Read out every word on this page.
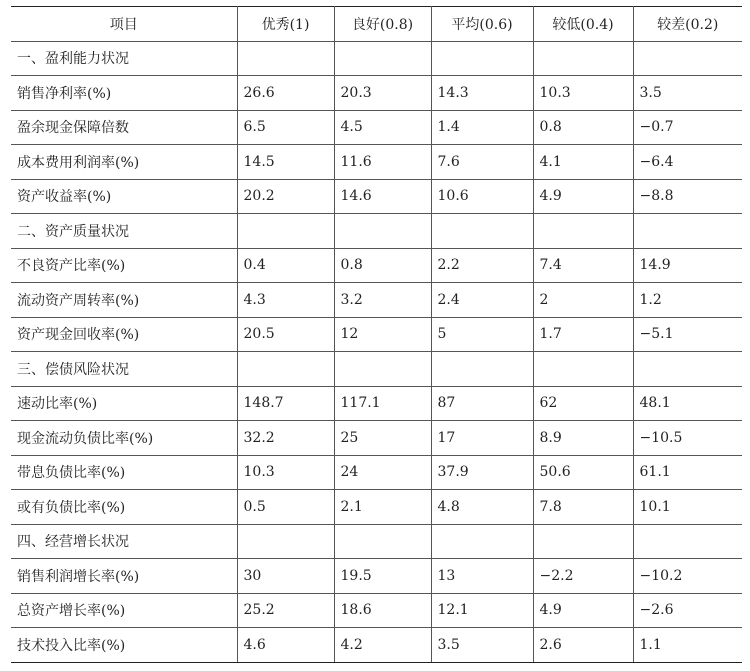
项目	优秀(1)	良好(0.8)	平均(0.6)	较低(0.4)	较差(0.2)
一、盈利能力状况					
销售净利率(%)	26.6	20.3	14.3	10.3	3.5
盈余现金保障倍数	6.5	4.5	1.4	0.8	−0.7
成本费用利润率(%)	14.5	11.6	7.6	4.1	−6.4
资产收益率(%)	20.2	14.6	10.6	4.9	−8.8
二、资产质量状况					
不良资产比率(%)	0.4	0.8	2.2	7.4	14.9
流动资产周转率(%)	4.3	3.2	2.4	2	1.2
资产现金回收率(%)	20.5	12	5	1.7	−5.1
三、偿债风险状况					
速动比率(%)	148.7	117.1	87	62	48.1
现金流动负债比率(%)	32.2	25	17	8.9	−10.5
带息负债比率(%)	10.3	24	37.9	50.6	61.1
或有负债比率(%)	0.5	2.1	4.8	7.8	10.1
四、经营增长状况					
销售利润增长率(%)	30	19.5	13	−2.2	−10.2
总资产增长率(%)	25.2	18.6	12.1	4.9	−2.6
技术投入比率(%)	4.6	4.2	3.5	2.6	1.1
